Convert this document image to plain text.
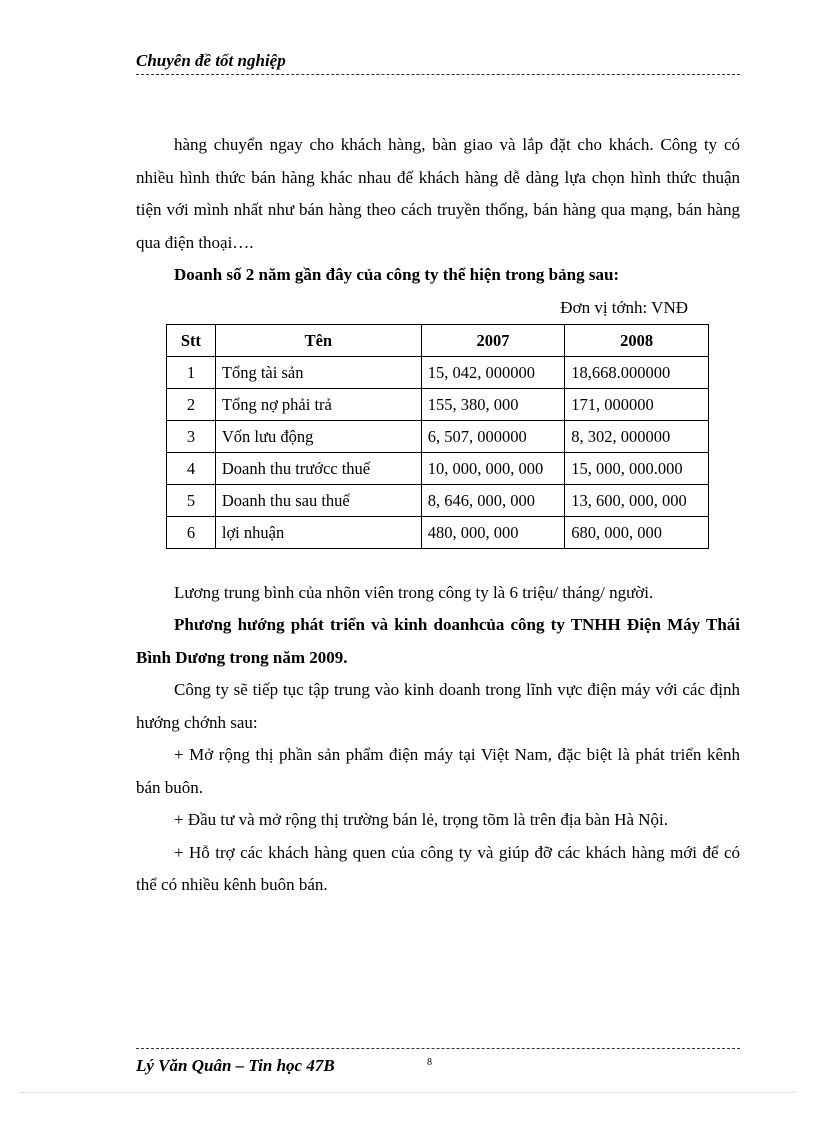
Chuyên đề tốt nghiệp

hàng chuyển ngay cho khách hàng, bàn giao và lắp đặt cho khách. Công ty có nhiều hình thức bán hàng khác nhau để khách hàng dễ dàng lựa chọn hình thức thuận tiện với mình nhất như bán hàng theo cách truyền thống, bán hàng qua mạng, bán hàng qua điện thoại….

Doanh số 2 năm gần đây của công ty thể hiện trong bảng sau:

Đơn vị tớnh: VNĐ

Stt	Tên	2007	2008
1	Tổng tài sản	15, 042, 000000	18,668.000000
2	Tổng nợ phải trả	155, 380, 000	171, 000000
3	Vốn lưu động	6, 507, 000000	8, 302, 000000
4	Doanh thu trướcc thuế	10, 000, 000, 000	15, 000, 000.000
5	Doanh thu sau thuế	8, 646, 000, 000	13, 600, 000, 000
6	lợi nhuận	480, 000, 000	680, 000, 000

Lương trung bình của nhõn viên trong công ty là 6 triệu/ tháng/ người.

Phương hướng phát triển và kinh doanhcủa công ty TNHH Điện Máy Thái Bình Dương trong năm 2009.

Công ty sẽ tiếp tục tập trung vào kinh doanh trong lĩnh vực điện máy với các định hướng chớnh sau:

+ Mở rộng thị phần sản phẩm điện máy tại Việt Nam, đặc biệt là phát triển kênh bán buôn.

+ Đầu tư và mở rộng thị trường bán lẻ, trọng tõm là trên địa bàn Hà Nội.

+ Hỗ trợ các khách hàng quen của công ty và giúp đỡ các khách hàng mới để có thể có nhiều kênh buôn bán.

Lý Văn Quân – Tin học 47B	8
